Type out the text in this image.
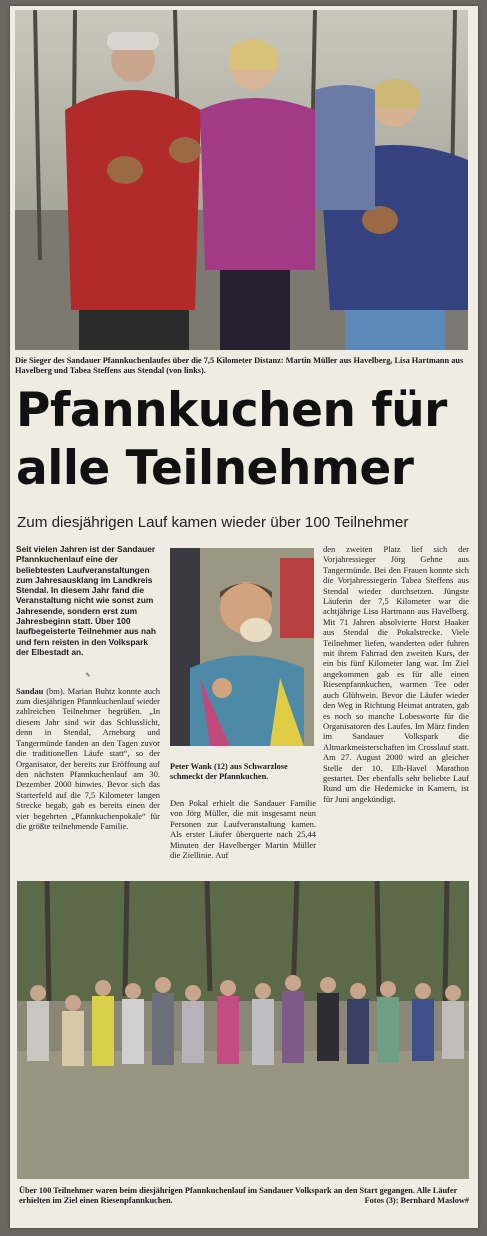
Die Sieger des Sandauer Pfannkuchenlaufes über die 7,5 Kilometer Distanz: Martin Müller aus Havelberg, Lisa Hartmann aus Havelberg und Tabea Steffens aus Stendal (von links).
Pfannkuchen für
alle Teilnehmer
Zum diesjährigen Lauf kamen wieder über 100 Teilnehmer

Seit vielen Jahren ist der Sandauer Pfannkuchenlauf eine der beliebtesten Laufveranstaltungen zum Jahresausklang im Landkreis Stendal. In diesem Jahr fand die Veranstaltung nicht wie sonst zum Jahresende, sondern erst zum Jahresbeginn statt. Über 100 laufbegeisterte Teilnehmer aus nah und fern reisten in den Volkspark der Elbestadt an.

✎

Sandau (bm). Marian Buhtz konnte auch zum diesjährigen Pfannkuchenlauf wieder zahlreichen Teilnehmer begrüßen. „In diesem Jahr sind wir das Schlusslicht, denn in Stendal, Arneburg und Tangermünde fanden an den Tagen zuvor die traditionellen Läufe statt“, so der Organisator, der bereits zur Eröffnung auf den nächsten Pfannkuchenlauf am 30. Dezember 2000 hinwies. Bevor sich das Starterfeld auf die 7,5 Kilometer langen Strecke begab, gab es bereits einen der vier begehrten „Pfannkuchenpokale“ für die größte teilnehmende Familie.

Peter Wank (12) aus Schwarzlose schmeckt der Pfannkuchen.

Den Pokal erhielt die Sandauer Familie von Jörg Müller, die mit insgesamt neun Personen zur Laufveranstaltung kamen. Als erster Läufer überquerte nach 25,44 Minuten der Havelberger Martin Müller die Ziellinie. Auf

den zweiten Platz lief sich der Vorjahressieger Jörg Gehne aus Tangermünde. Bei den Frauen konnte sich die Vorjahressiegerin Tabea Steffens aus Stendal wieder durchsetzen. Jüngste Läuferin der 7,5 Kilometer war die achtjährige Lisa Hartmann aus Havelberg. Mit 71 Jahren absolvierte Horst Haaker aus Stendal die Pokalstrecke. Viele Teilnehmer liefen, wanderten oder fuhren mit ihrem Fahrrad den zweiten Kurs, der ein bis fünf Kilometer lang war. Im Ziel angekommen gab es für alle einen Riesenpfannkuchen, warmen Tee oder auch Glühwein. Bevor die Läufer wieder den Weg in Richtung Heimat antraten, gab es noch so manche Lobesworte für die Organisatoren des Laufes. Im März finden im Sandauer Volkspark die Altmarkmeisterschaften im Crosslauf statt. Am 27. August 2000 wird an gleicher Stelle der 10. Elb-Havel Marathon gestartet. Der ebenfalls sehr beliebte Lauf Rund um die Hedemicke in Kamern, ist für Juni angekündigt.

Über 100 Teilnehmer waren beim diesjährigen Pfannkuchenlauf im Sandauer Volkspark an den Start gegangen. Alle Läufer erhielten im Ziel einen Riesenpfannkuchen.	Fotos (3): Bernhard Maslow#
